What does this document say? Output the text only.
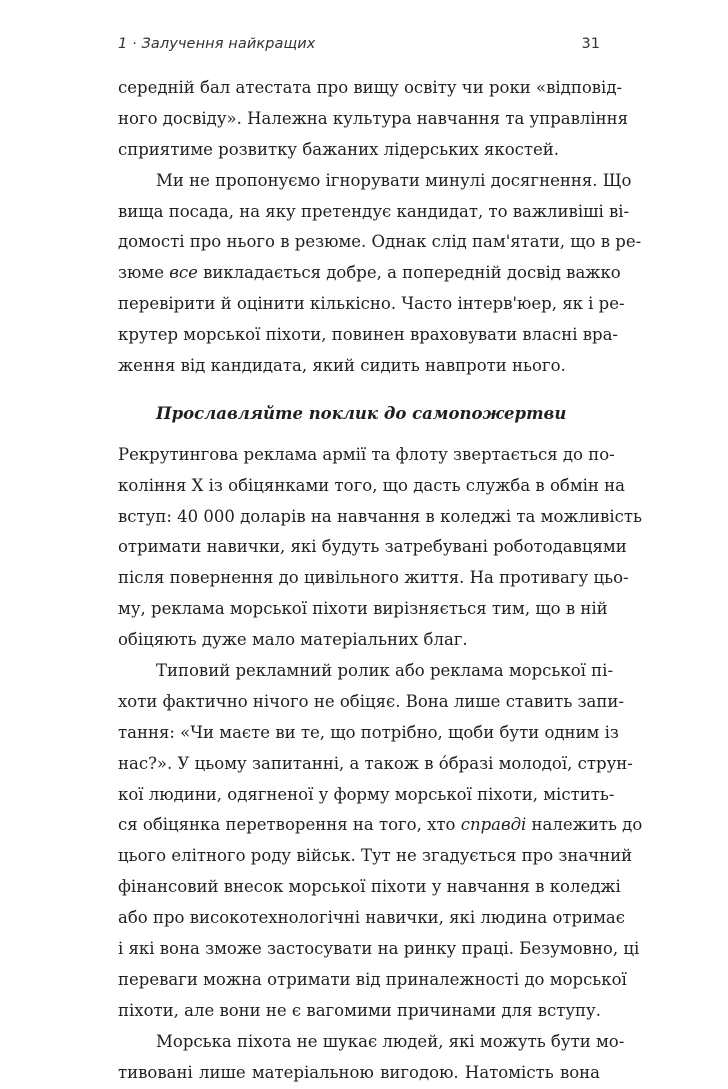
1 · Залучення найкращих	31
середній бал атестата про вищу освіту чи роки «відповід-
ного досвіду». Належна культура навчання та управління
сприятиме розвитку бажаних лідерських якостей.
Ми не пропонуємо ігнорувати минулі досягнення. Що
вища посада, на яку претендує кандидат, то важливіші ві-
домості про нього в резюме. Однак слід пам'ятати, що в ре-
зюме все викладається добре, а попередній досвід важко
перевірити й оцінити кількісно. Часто інтерв'юер, як і ре-
крутер морської піхоти, повинен враховувати власні вра-
ження від кандидата, який сидить навпроти нього.
Прославляйте поклик до самопожертви
Рекрутингова реклама армії та флоту звертається до по-
коління X із обіцянками того, що дасть служба в обмін на
вступ: 40 000 доларів на навчання в коледжі та можливість
отримати навички, які будуть затребувані роботодавцями
після повернення до цивільного життя. На противагу цьо-
му, реклама морської піхоти вирізняється тим, що в ній
обіцяють дуже мало матеріальних благ.
Типовий рекламний ролик або реклама морської пі-
хоти фактично нічого не обіцяє. Вона лише ставить запи-
тання: «Чи маєте ви те, що потрібно, щоби бути одним із
нас?». У цьому запитанні, а також в óбразі молодої, струн-
кої людини, одягненої у форму морської піхоти, містить-
ся обіцянка перетворення на того, хто справді належить до
цього елітного роду військ. Тут не згадується про значний
фінансовий внесок морської піхоти у навчання в коледжі
або про високотехнологічні навички, які людина отримає
і які вона зможе застосувати на ринку праці. Безумовно, ці
переваги можна отримати від приналежності до морської
піхоти, але вони не є вагомими причинами для вступу.
Морська піхота не шукає людей, які можуть бути мо-
тивовані лише матеріальною вигодою. Натомість вона
